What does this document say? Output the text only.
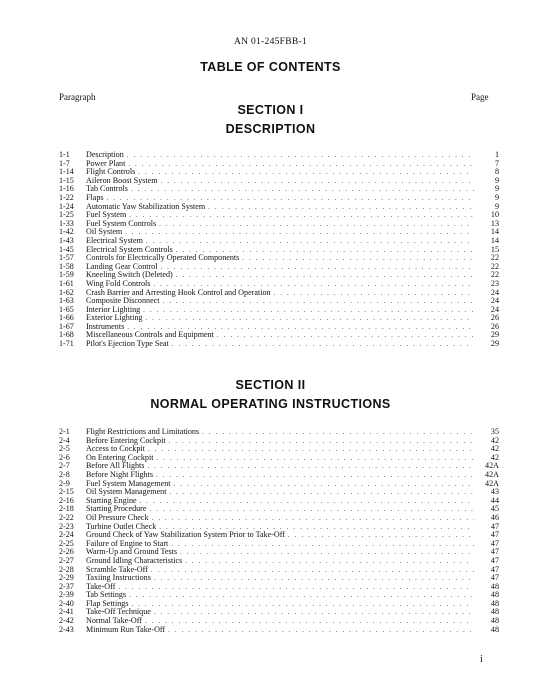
AN 01-245FBB-1
TABLE OF CONTENTS
Paragraph	Page
SECTION I
DESCRIPTION
1-1	Description . . .	1
1-7	Power Plant . . .	7
1-14	Flight Controls . . .	8
1-15	Aileron Boost System . . .	9
1-16	Tab Controls . . .	9
1-22	Flaps . . .	9
1-24	Automatic Yaw Stabilization System . . .	9
1-25	Fuel System . . .	10
1-33	Fuel System Controls . . .	13
1-42	Oil System . . .	14
1-43	Electrical System . . .	14
1-45	Electrical System Controls . . .	15
1-57	Controls for Electrically Operated Components . . .	22
1-58	Landing Gear Control . . .	22
1-59	Kneeling Switch (Deleted) . . .	22
1-61	Wing Fold Controls . . .	23
1-62	Crash Barrier and Arresting Hook Control and Operation . . .	24
1-63	Composite Disconnect . . .	24
1-65	Interior Lighting . . .	24
1-66	Exterior Lighting . . .	26
1-67	Instruments . . .	26
1-68	Miscellaneous Controls and Equipment . . .	29
1-71	Pilot's Ejection Type Seat . . .	29
SECTION II
NORMAL OPERATING INSTRUCTIONS
2-1	Flight Restrictions and Limitations . . .	35
2-4	Before Entering Cockpit . . .	42
2-5	Access to Cockpit . . .	42
2-6	On Entering Cockpit . . .	42
2-7	Before All Flights . . .	42A
2-8	Before Night Flights . . .	42A
2-9	Fuel System Management . . .	42A
2-15	Oil System Management . . .	43
2-16	Starting Engine . . .	44
2-18	Starting Procedure . . .	45
2-22	Oil Pressure Check . . .	46
2-23	Turbine Outlet Check . . .	47
2-24	Ground Check of Yaw Stabilization System Prior to Take-Off . . .	47
2-25	Failure of Engine to Start . . .	47
2-26	Warm-Up and Ground Tests . . .	47
2-27	Ground Idling Characteristics . . .	47
2-28	Scramble Take-Off . . .	47
2-29	Taxiing Instructions . . .	47
2-37	Take-Off . . .	48
2-39	Tab Settings . . .	48
2-40	Flap Settings . . .	48
2-41	Take-Off Technique . . .	48
2-42	Normal Take-Off . . .	48
2-43	Minimum Run Take-Off . . .	48
i
